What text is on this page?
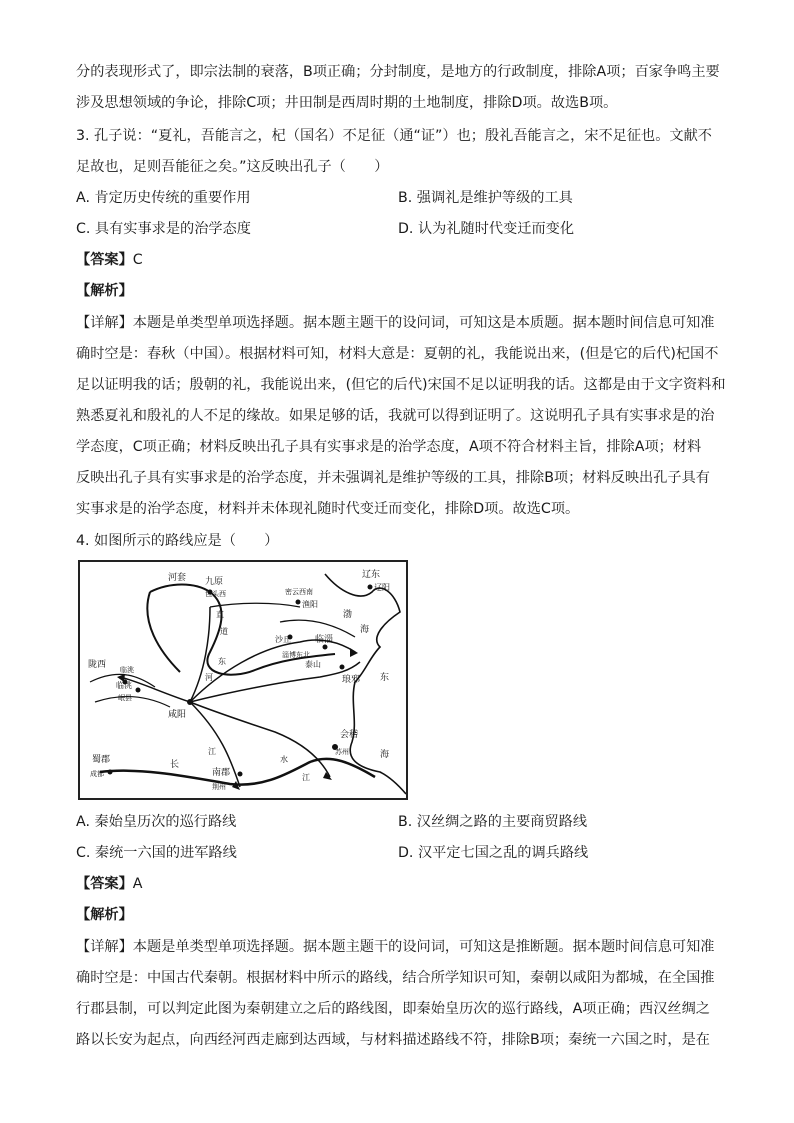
分的表现形式了，即宗法制的衰落，B项正确；分封制度，是地方的行政制度，排除A项；百家争鸣主要
涉及思想领域的争论，排除C项；井田制是西周时期的土地制度，排除D项。故选B项。
3. 孔子说：“夏礼，吾能言之，杞（国名）不足征（通“证”）也；殷礼吾能言之，宋不足征也。文献不
足故也，足则吾能征之矣。”这反映出孔子（　　）
A. 肯定历史传统的重要作用	B. 强调礼是维护等级的工具
C. 具有实事求是的治学态度	D. 认为礼随时代变迁而变化
【答案】C
【解析】
【详解】本题是单类型单项选择题。据本题主题干的设问词，可知这是本质题。据本题时间信息可知准
确时空是：春秋（中国）。根据材料可知，材料大意是：夏朝的礼，我能说出来，(但是它的后代)杞国不
足以证明我的话；殷朝的礼，我能说出来，(但它的后代)宋国不足以证明我的话。这都是由于文字资料和
熟悉夏礼和殷礼的人不足的缘故。如果足够的话，我就可以得到证明了。这说明孔子具有实事求是的治
学态度，C项正确；材料反映出孔子具有实事求是的治学态度，A项不符合材料主旨，排除A项；材料
反映出孔子具有实事求是的治学态度，并未强调礼是维护等级的工具，排除B项；材料反映出孔子具有
实事求是的治学态度，材料并未体现礼随时代变迁而变化，排除D项。故选C项。
4. 如图所示的路线应是（　　）
河套 九原
包头西	密云西南
渔阳
辽东
辽阳
渤
海
直
道
沙丘	临淄
淄博东北
泰山
琅邪 东
陇西 临洮
临洮
岷县
河
东
咸阳
会稽
苏州	海
蜀郡
成都
长
江
南郡
荆州
水
江
A. 秦始皇历次的巡行路线	B. 汉丝绸之路的主要商贸路线
C. 秦统一六国的进军路线	D. 汉平定七国之乱的调兵路线
【答案】A
【解析】
【详解】本题是单类型单项选择题。据本题主题干的设问词，可知这是推断题。据本题时间信息可知准
确时空是：中国古代秦朝。根据材料中所示的路线，结合所学知识可知，秦朝以咸阳为都城，在全国推
行郡县制，可以判定此图为秦朝建立之后的路线图，即秦始皇历次的巡行路线，A项正确；西汉丝绸之
路以长安为起点，向西经河西走廊到达西域，与材料描述路线不符，排除B项；秦统一六国之时，是在
